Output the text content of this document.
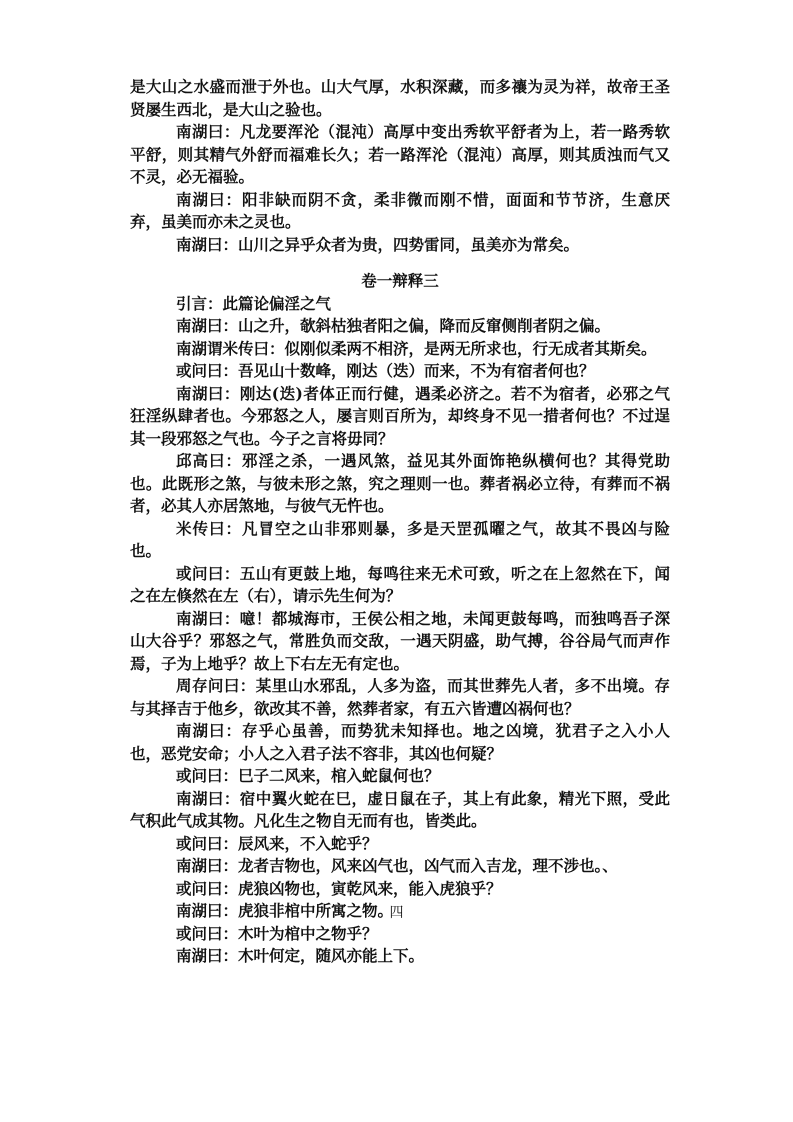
是大山之水盛而泄于外也。山大气厚，水积深藏，而多禳为灵为祥，故帝王圣贤屡生西北，是大山之验也。

南湖曰：凡龙要浑沦（混沌）高厚中变出秀软平舒者为上，若一路秀软平舒，则其精气外舒而福难长久；若一路浑沦（混沌）高厚，则其质浊而气又不灵，必无福验。

南湖曰：阳非缺而阴不贪，柔非微而刚不惜，面面和节节济，生意厌弃，虽美而亦未之灵也。

南湖曰：山川之异乎众者为贵，四势雷同，虽美亦为常矣。

卷一辩释三

引言：此篇论偏淫之气

南湖曰：山之升，欹斜枯独者阳之偏，降而反窜侧削者阴之偏。

南湖谓米传曰：似刚似柔两不相济，是两无所求也，行无成者其斯矣。

或问曰：吾见山十数峰，刚达（迭）而来，不为有宿者何也？

南湖曰：刚达(迭)者体正而行健，遇柔必济之。若不为宿者，必邪之气狂淫纵肆者也。今邪怒之人，屡言则百所为，却终身不见一措者何也？不过逞其一段邪怒之气也。今子之言将毋同？

邱高曰：邪淫之杀，一遇风煞，益见其外面饰艳纵横何也？其得党助也。此既形之煞，与彼未形之煞，究之理则一也。葬者祸必立待，有葬而不祸者，必其人亦居煞地，与彼气无忤也。

米传曰：凡冒空之山非邪则暴，多是天罡孤曜之气，故其不畏凶与险也。

或问曰：五山有更鼓上地，每鸣往来无术可致，听之在上忽然在下，闻之在左倏然在左（右），请示先生何为？

南湖曰：噫！都城海市，王侯公相之地，未闻更鼓每鸣，而独鸣吾子深山大谷乎？邪怒之气，常胜负而交敌，一遇天阴盛，助气搏，谷谷局气而声作焉，子为上地乎？故上下右左无有定也。

周存问曰：某里山水邪乱，人多为盗，而其世葬先人者，多不出境。存与其择吉于他乡，欲改其不善，然葬者家，有五六皆遭凶祸何也？

南湖曰：存乎心虽善，而势犹未知择也。地之凶境，犹君子之入小人也，恶党安命；小人之入君子法不容非，其凶也何疑？

或问曰：巳子二风来，棺入蛇鼠何也？

南湖曰：宿中翼火蛇在巳，虚日鼠在子，其上有此象，精光下照，受此气积此气成其物。凡化生之物自无而有也，皆类此。

或问曰：辰风来，不入蛇乎？

南湖曰：龙者吉物也，风来凶气也，凶气而入吉龙，理不涉也。、

或问曰：虎狼凶物也，寅乾风来，能入虎狼乎？

南湖曰：虎狼非棺中所寓之物。

或问曰：木叶为棺中之物乎？

南湖曰：木叶何定，随风亦能上下。

四
